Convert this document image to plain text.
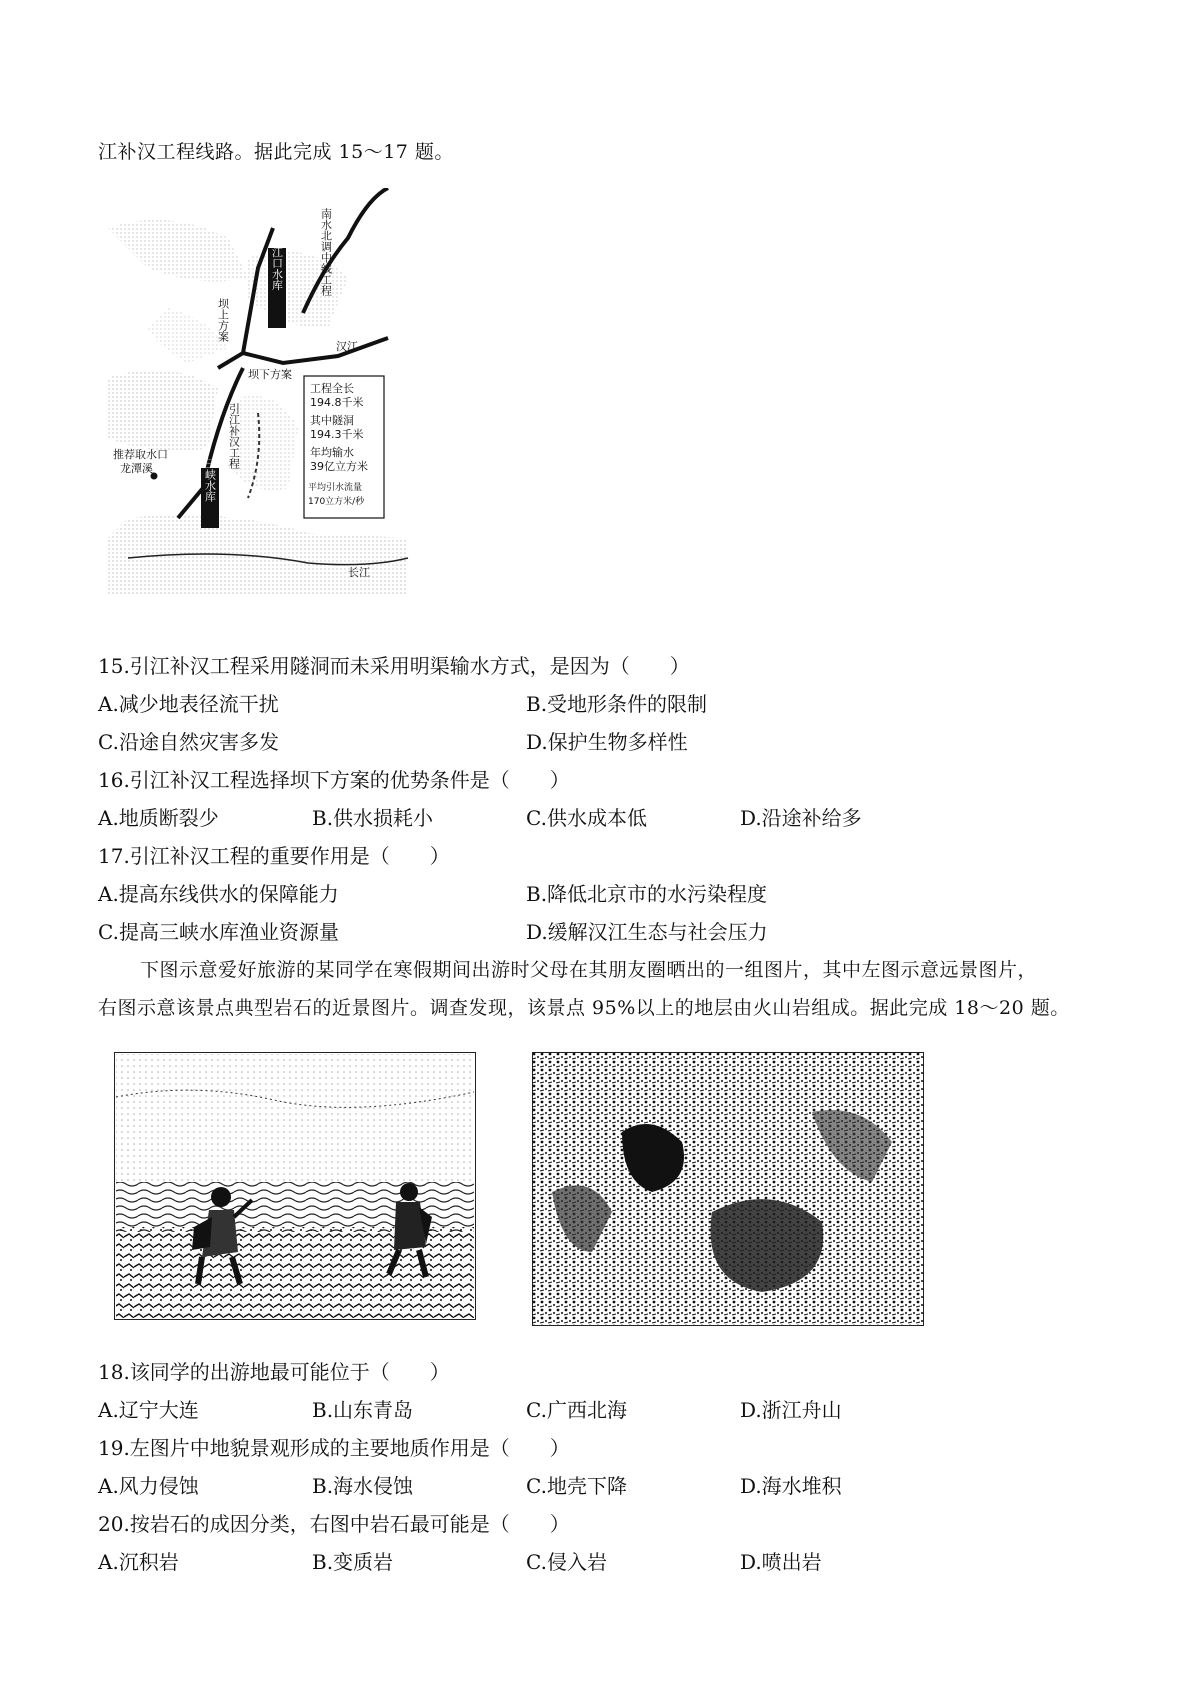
江补汉工程线路。据此完成 15～17 题。
丹江口水库
三峡水库
南水北调中线工程
坝上方案
坝下方案
汉江
引江补汉工程
推荐取水口
龙潭溪
长江
工程全长
194.8千米
其中隧洞
194.3千米
年均输水
39亿立方米
平均引水流量
170立方米/秒
15.引江补汉工程采用隧洞而未采用明渠输水方式，是因为（　　）
A.减少地表径流干扰	B.受地形条件的限制
C.沿途自然灾害多发	D.保护生物多样性
16.引江补汉工程选择坝下方案的优势条件是（　　）
A.地质断裂少	B.供水损耗小	C.供水成本低	D.沿途补给多
17.引江补汉工程的重要作用是（　　）
A.提高东线供水的保障能力	B.降低北京市的水污染程度
C.提高三峡水库渔业资源量	D.缓解汉江生态与社会压力
下图示意爱好旅游的某同学在寒假期间出游时父母在其朋友圈晒出的一组图片，其中左图示意远景图片，
右图示意该景点典型岩石的近景图片。调查发现，该景点 95%以上的地层由火山岩组成。据此完成 18～20 题。
18.该同学的出游地最可能位于（　　）
A.辽宁大连	B.山东青岛	C.广西北海	D.浙江舟山
19.左图片中地貌景观形成的主要地质作用是（　　）
A.风力侵蚀	B.海水侵蚀	C.地壳下降	D.海水堆积
20.按岩石的成因分类，右图中岩石最可能是（　　）
A.沉积岩	B.变质岩	C.侵入岩	D.喷出岩
